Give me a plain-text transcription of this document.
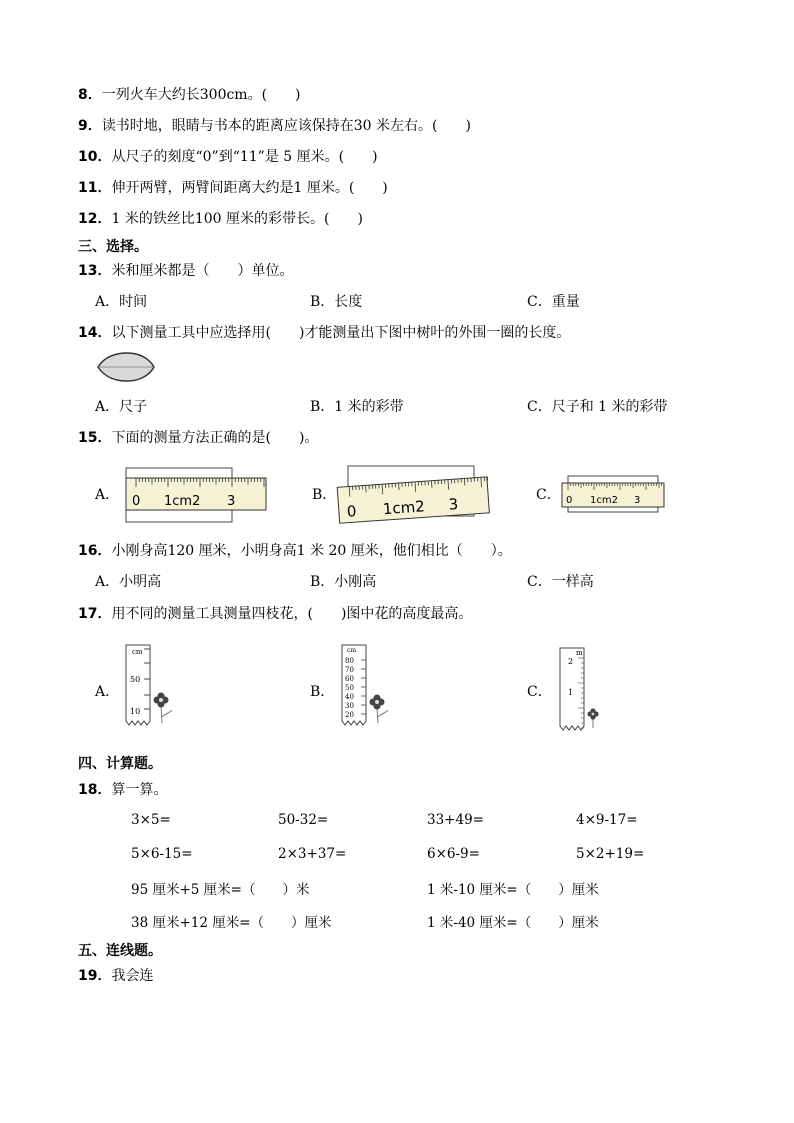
8．一列火车大约长300cm。(　　)
9．读书时地，眼睛与书本的距离应该保持在30 米左右。(　　)
10．从尺子的刻度“0”到“11”是 5 厘米。(　　)
11．伸开两臂，两臂间距离大约是1 厘米。(　　)
12．1 米的铁丝比100 厘米的彩带长。(　　)
三、选择。
13．米和厘米都是（　　）单位。
A．时间	B．长度	C．重量
14．以下测量工具中应选择用(　　)才能测量出下图中树叶的外围一圈的长度。
A．尺子	B．1 米的彩带	C．尺子和 1 米的彩带
15．下面的测量方法正确的是(　　)。
A． 0 1cm2 3	B．
0 1cm2 3	C． 0 1cm2 3
16．小刚身高120 厘米，小明身高1 米 20 厘米，他们相比（　　）。
A．小明高	B．小刚高	C．一样高
17．用不同的测量工具测量四枝花，(　　)图中花的高度最高。
A．
cm
50
10
B．
cm
80
70
60
50
40
30
20
C．
m
2
1
四、计算题。
18．算一算。
3×5=	50-32=	33+49=	4×9-17=
5×6-15=	2×3+37=	6×6-9=	5×2+19=
95 厘米+5 厘米=（　　）米	1 米-10 厘米=（　　）厘米
38 厘米+12 厘米=（　　）厘米	1 米-40 厘米=（　　）厘米
五、连线题。
19．我会连
